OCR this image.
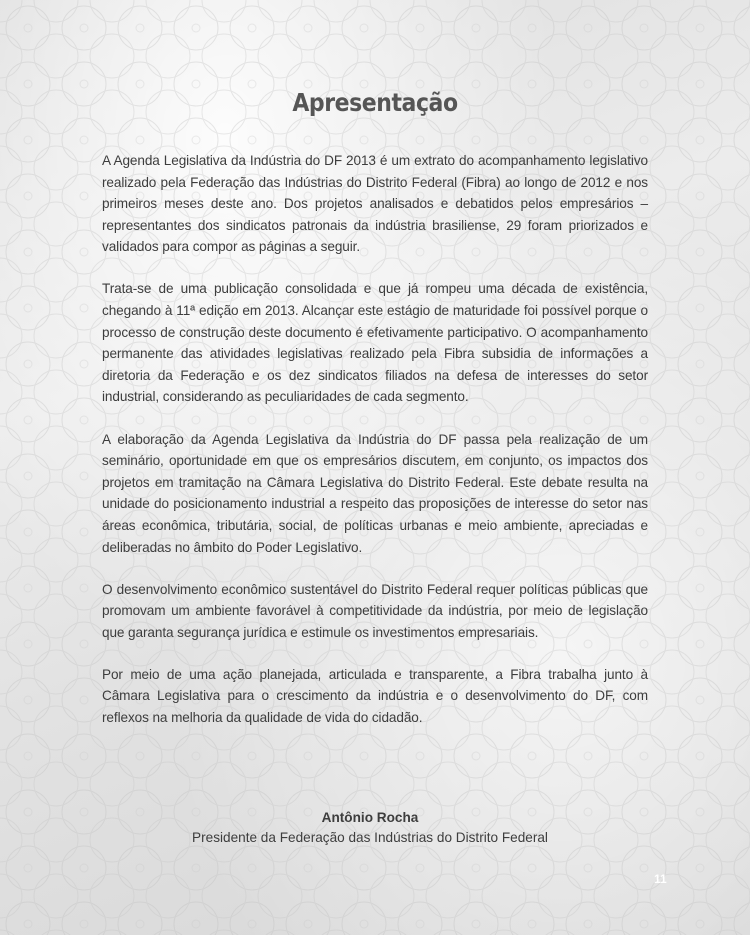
Apresentação

A Agenda Legislativa da Indústria do DF 2013 é um extrato do acompanhamento legislativo realizado pela Federação das Indústrias do Distrito Federal (Fibra) ao longo de 2012 e nos primeiros meses deste ano. Dos projetos analisados e debatidos pelos empresários – representantes dos sindicatos patronais da indústria brasiliense, 29 foram priorizados e validados para compor as páginas a seguir.

Trata-se de uma publicação consolidada e que já rompeu uma década de existência, chegando à 11ª edição em 2013. Alcançar este estágio de maturidade foi possível porque o processo de construção deste documento é efetivamente participativo. O acompanhamento permanente das atividades legislativas realizado pela Fibra subsidia de informações a diretoria da Federação e os dez sindicatos filiados na defesa de interesses do setor industrial, considerando as peculiaridades de cada segmento.

A elaboração da Agenda Legislativa da Indústria do DF passa pela realização de um seminário, oportunidade em que os empresários discutem, em conjunto, os impactos dos projetos em tramitação na Câmara Legislativa do Distrito Federal. Este debate resulta na unidade do posicionamento industrial a respeito das proposições de interesse do setor nas áreas econômica, tributária, social, de políticas urbanas e meio ambiente, apreciadas e deliberadas no âmbito do Poder Legislativo.

O desenvolvimento econômico sustentável do Distrito Federal requer políticas públicas que promovam um ambiente favorável à competitividade da indústria, por meio de legislação que garanta segurança jurídica e estimule os investimentos empresariais.

Por meio de uma ação planejada, articulada e transparente, a Fibra trabalha junto à Câmara Legislativa para o crescimento da indústria e o desenvolvimento do DF, com reflexos na melhoria da qualidade de vida do cidadão.

Antônio Rocha
Presidente da Federação das Indústrias do Distrito Federal
11
